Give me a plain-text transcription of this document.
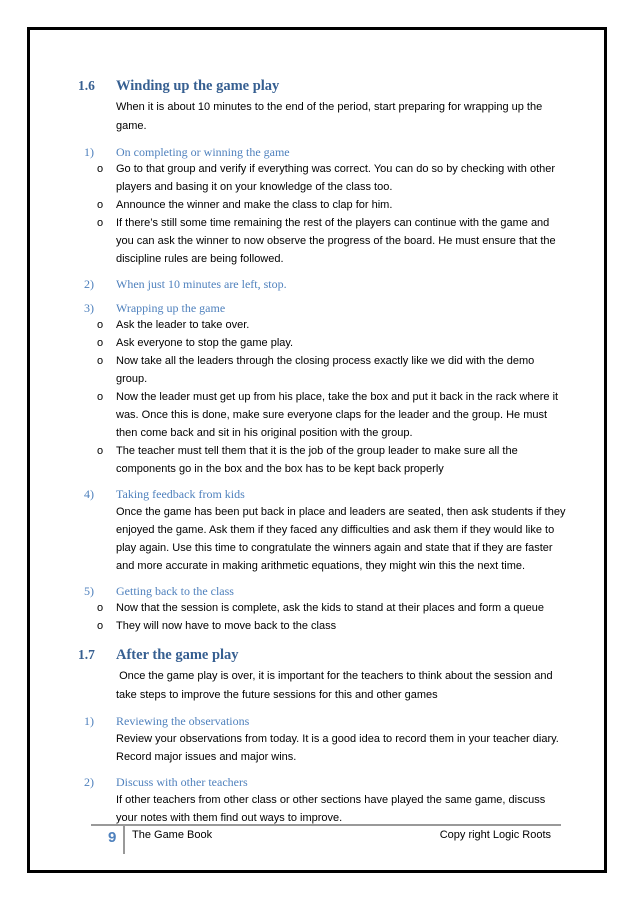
1.6	Winding up the game play
When it is about 10 minutes to the end of the period, start preparing for wrapping up the game.
1)	On completing or winning the game
o Go to that group and verify if everything was correct. You can do so by checking with other players and basing it on your knowledge of the class too.
o Announce the winner and make the class to clap for him.
o If there’s still some time remaining the rest of the players can continue with the game and you can ask the winner to now observe the progress of the board. He must ensure that the discipline rules are being followed.
2)	When just 10 minutes are left, stop.
3)	Wrapping up the game
o Ask the leader to take over.
o Ask everyone to stop the game play.
o Now take all the leaders through the closing process exactly like we did with the demo group.
o Now the leader must get up from his place, take the box and put it back in the rack where it was. Once this is done, make sure everyone claps for the leader and the group. He must then come back and sit in his original position with the group.
o The teacher must tell them that it is the job of the group leader to make sure all the components go in the box and the box has to be kept back properly
4)	Taking feedback from kids
Once the game has been put back in place and leaders are seated, then ask students if they enjoyed the game. Ask them if they faced any difficulties and ask them if they would like to play again. Use this time to congratulate the winners again and state that if they are faster and more accurate in making arithmetic equations, they might win this the next time.
5)	Getting back to the class
o Now that the session is complete, ask the kids to stand at their places and form a queue
o They will now have to move back to the class
1.7	After the game play
Once the game play is over, it is important for the teachers to think about the session and take steps to improve the future sessions for this and other games
1)	Reviewing the observations
Review your observations from today. It is a good idea to record them in your teacher diary. Record major issues and major wins.
2)	Discuss with other teachers
If other teachers from other class or other sections have played the same game, discuss your notes with them find out ways to improve.
9 The Game Book	Copy right Logic Roots
